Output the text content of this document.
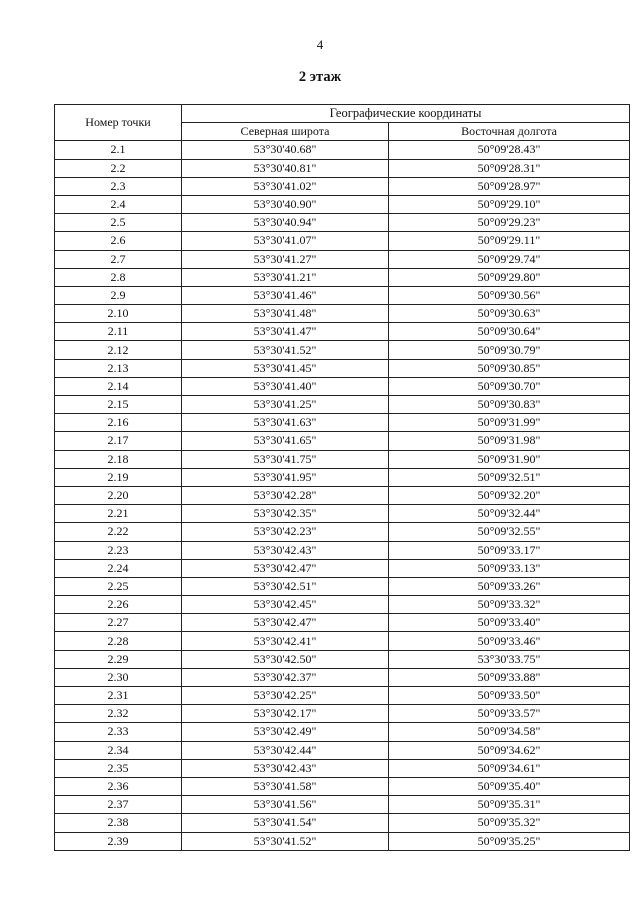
4
2 этаж
Номер точки	Географические координаты	
	Северная широта	Восточная долгота
2.1	53°30'40.68"	50°09'28.43"
2.2	53°30'40.81"	50°09'28.31"
2.3	53°30'41.02"	50°09'28.97"
2.4	53°30'40.90"	50°09'29.10"
2.5	53°30'40.94"	50°09'29.23"
2.6	53°30'41.07"	50°09'29.11"
2.7	53°30'41.27"	50°09'29.74"
2.8	53°30'41.21"	50°09'29.80"
2.9	53°30'41.46"	50°09'30.56"
2.10	53°30'41.48"	50°09'30.63"
2.11	53°30'41.47"	50°09'30.64"
2.12	53°30'41.52"	50°09'30.79"
2.13	53°30'41.45"	50°09'30.85"
2.14	53°30'41.40"	50°09'30.70"
2.15	53°30'41.25"	50°09'30.83"
2.16	53°30'41.63"	50°09'31.99"
2.17	53°30'41.65"	50°09'31.98"
2.18	53°30'41.75"	50°09'31.90"
2.19	53°30'41.95"	50°09'32.51"
2.20	53°30'42.28"	50°09'32.20"
2.21	53°30'42.35"	50°09'32.44"
2.22	53°30'42.23"	50°09'32.55"
2.23	53°30'42.43"	50°09'33.17"
2.24	53°30'42.47"	50°09'33.13"
2.25	53°30'42.51"	50°09'33.26"
2.26	53°30'42.45"	50°09'33.32"
2.27	53°30'42.47"	50°09'33.40"
2.28	53°30'42.41"	50°09'33.46"
2.29	53°30'42.50"	53°30'33.75"
2.30	53°30'42.37"	50°09'33.88"
2.31	53°30'42.25"	50°09'33.50"
2.32	53°30'42.17"	50°09'33.57"
2.33	53°30'42.49"	50°09'34.58"
2.34	53°30'42.44"	50°09'34.62"
2.35	53°30'42.43"	50°09'34.61"
2.36	53°30'41.58"	50°09'35.40"
2.37	53°30'41.56"	50°09'35.31"
2.38	53°30'41.54"	50°09'35.32"
2.39	53°30'41.52"	50°09'35.25"
